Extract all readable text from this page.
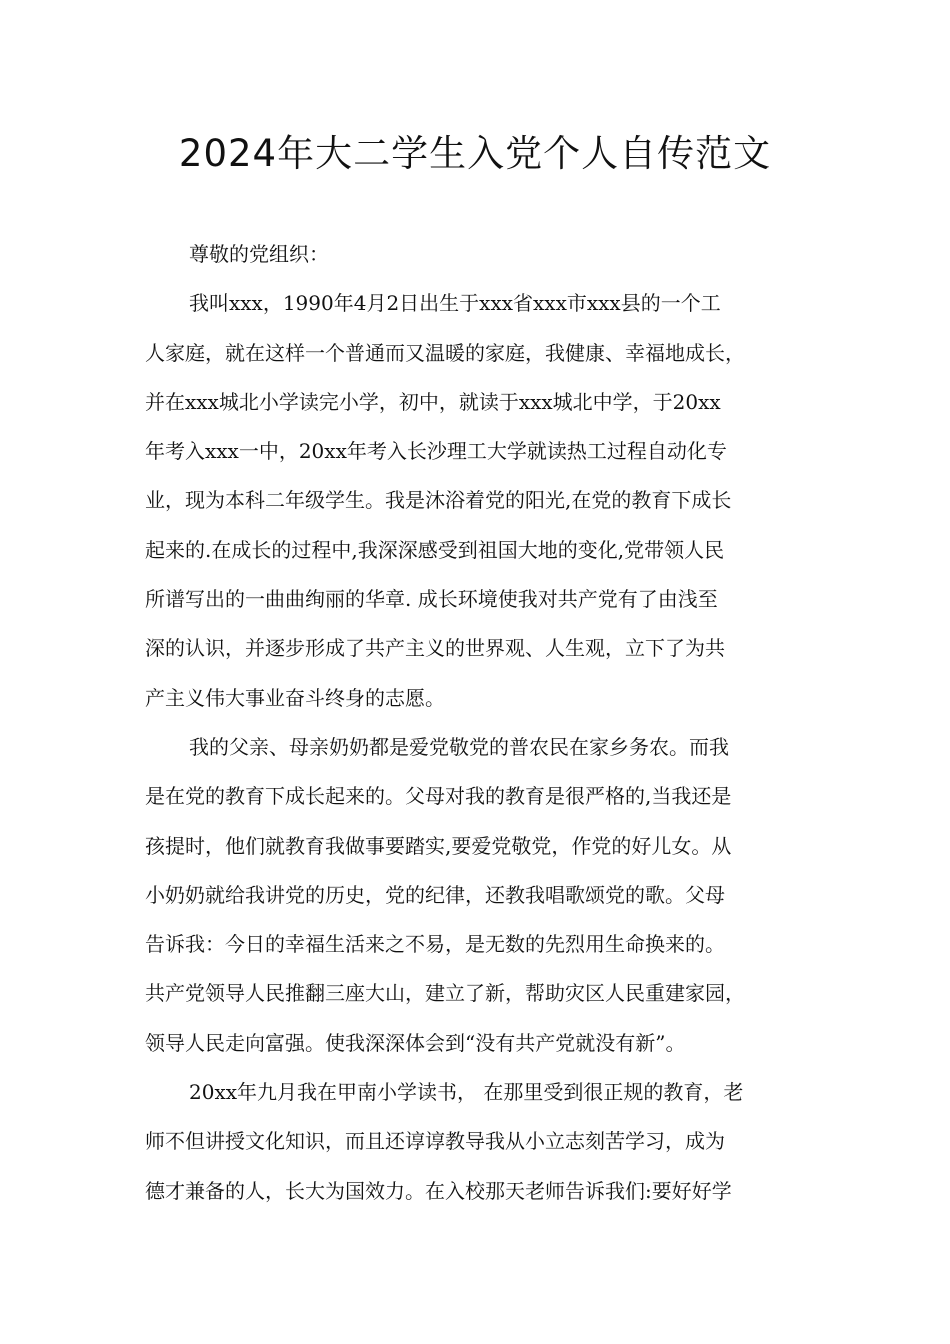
2024年大二学生入党个人自传范文
尊敬的党组织：
我叫xxx，1990年4月2日出生于xxx省xxx市xxx县的一个工
人家庭，就在这样一个普通而又温暖的家庭，我健康、幸福地成长，
并在xxx城北小学读完小学，初中，就读于xxx城北中学，于20xx
年考入xxx一中，20xx年考入长沙理工大学就读热工过程自动化专
业，现为本科二年级学生。我是沐浴着党的阳光,在党的教育下成长
起来的.在成长的过程中,我深深感受到祖国大地的变化,党带领人民
所谱写出的一曲曲绚丽的华章. 成长环境使我对共产党有了由浅至
深的认识，并逐步形成了共产主义的世界观、人生观，立下了为共
产主义伟大事业奋斗终身的志愿。
我的父亲、母亲奶奶都是爱党敬党的普农民在家乡务农。而我
是在党的教育下成长起来的。父母对我的教育是很严格的,当我还是
孩提时，他们就教育我做事要踏实,要爱党敬党，作党的好儿女。从
小奶奶就给我讲党的历史，党的纪律，还教我唱歌颂党的歌。父母
告诉我：今日的幸福生活来之不易，是无数的先烈用生命换来的。
共产党领导人民推翻三座大山，建立了新，帮助灾区人民重建家园，
领导人民走向富强。使我深深体会到“没有共产党就没有新”。
20xx年九月我在甲南小学读书， 在那里受到很正规的教育，老
师不但讲授文化知识，而且还谆谆教导我从小立志刻苦学习，成为
德才兼备的人，长大为国效力。在入校那天老师告诉我们:要好好学
